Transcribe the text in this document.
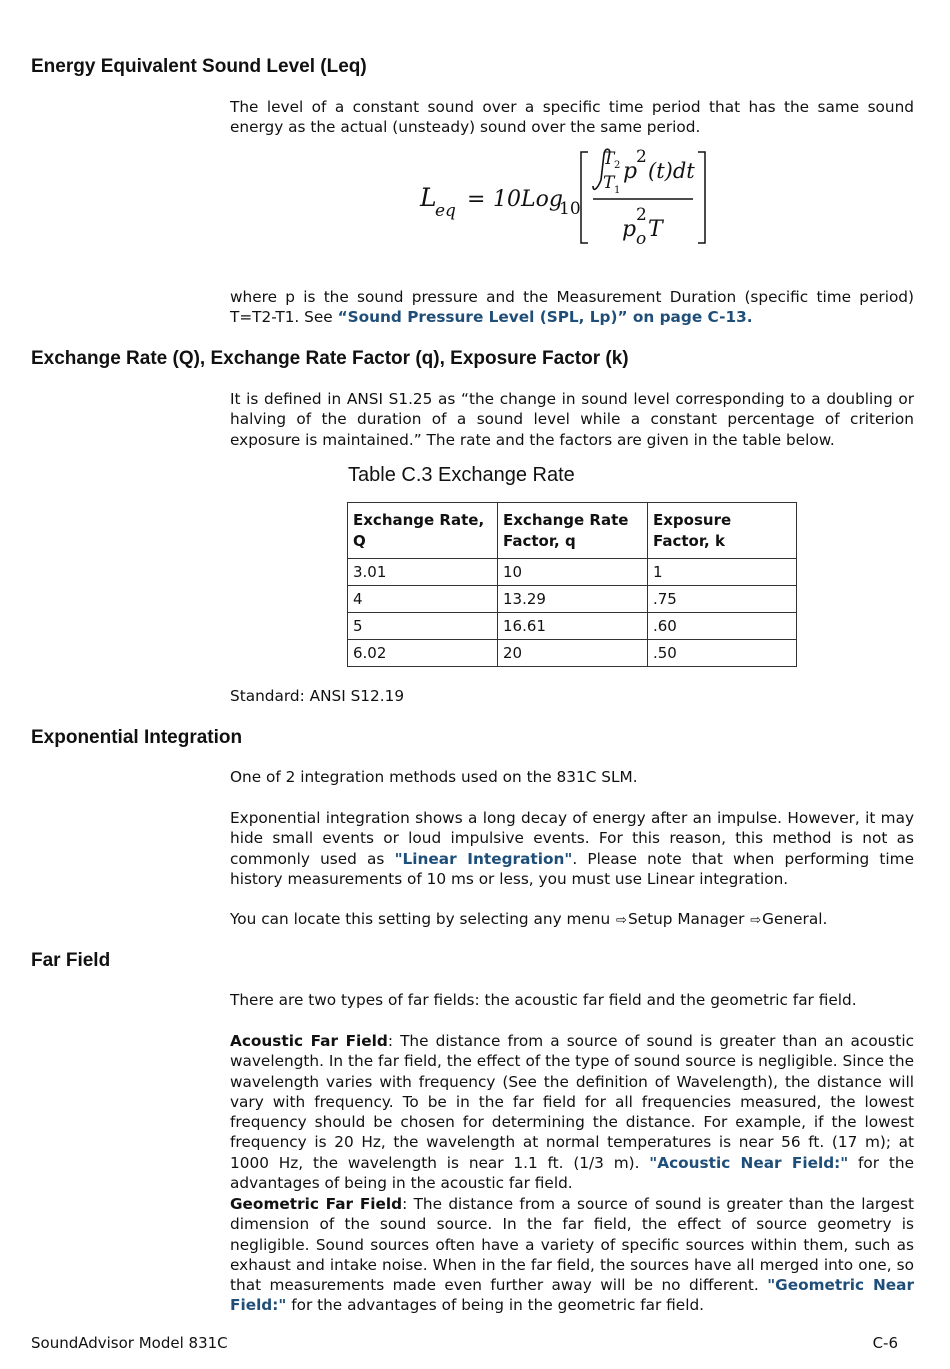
Energy Equivalent Sound Level (Leq)

The level of a constant sound over a specific time period that has the same sound energy as the actual (unsteady) sound over the same period.

L
eq = 10Log
10
T 2
T 1
p
2
(t)dt
p
2
o T

where p is the sound pressure and the Measurement Duration (specific time period) T=T2-T1. See “Sound Pressure Level (SPL, Lp)” on page C-13.

Exchange Rate (Q), Exchange Rate Factor (q), Exposure Factor (k)

It is defined in ANSI S1.25 as “the change in sound level corresponding to a doubling or halving of the duration of a sound level while a constant percentage of criterion exposure is maintained.” The rate and the factors are given in the table below.

Table C.3 Exchange Rate
Exchange Rate, Q	Exchange Rate Factor, q	Exposure Factor, k
3.01	10	1
4	13.29	.75
5	16.61	.60
6.02	20	.50

Standard: ANSI S12.19

Exponential Integration

One of 2 integration methods used on the 831C SLM.

Exponential integration shows a long decay of energy after an impulse. However, it may hide small events or loud impulsive events. For this reason, this method is not as commonly used as "Linear Integration". Please note that when performing time history measurements of 10 ms or less, you must use Linear integration.

You can locate this setting by selecting any menu ⇨Setup Manager ⇨General.

Far Field

There are two types of far fields: the acoustic far field and the geometric far field.

Acoustic Far Field: The distance from a source of sound is greater than an acoustic wavelength. In the far field, the effect of the type of sound source is negligible. Since the wavelength varies with frequency (See the definition of Wavelength), the distance will vary with frequency. To be in the far field for all frequencies measured, the lowest frequency should be chosen for determining the distance. For example, if the lowest frequency is 20 Hz, the wavelength at normal temperatures is near 56 ft. (17 m); at 1000 Hz, the wavelength is near 1.1 ft. (1/3 m). "Acoustic Near Field:" for the advantages of being in the acoustic far field.

Geometric Far Field: The distance from a source of sound is greater than the largest dimension of the sound source. In the far field, the effect of source geometry is negligible. Sound sources often have a variety of specific sources within them, such as exhaust and intake noise. When in the far field, the sources have all merged into one, so that measurements made even further away will be no different. "Geometric Near Field:" for the advantages of being in the geometric far field.

SoundAdvisor Model 831C	C-6
